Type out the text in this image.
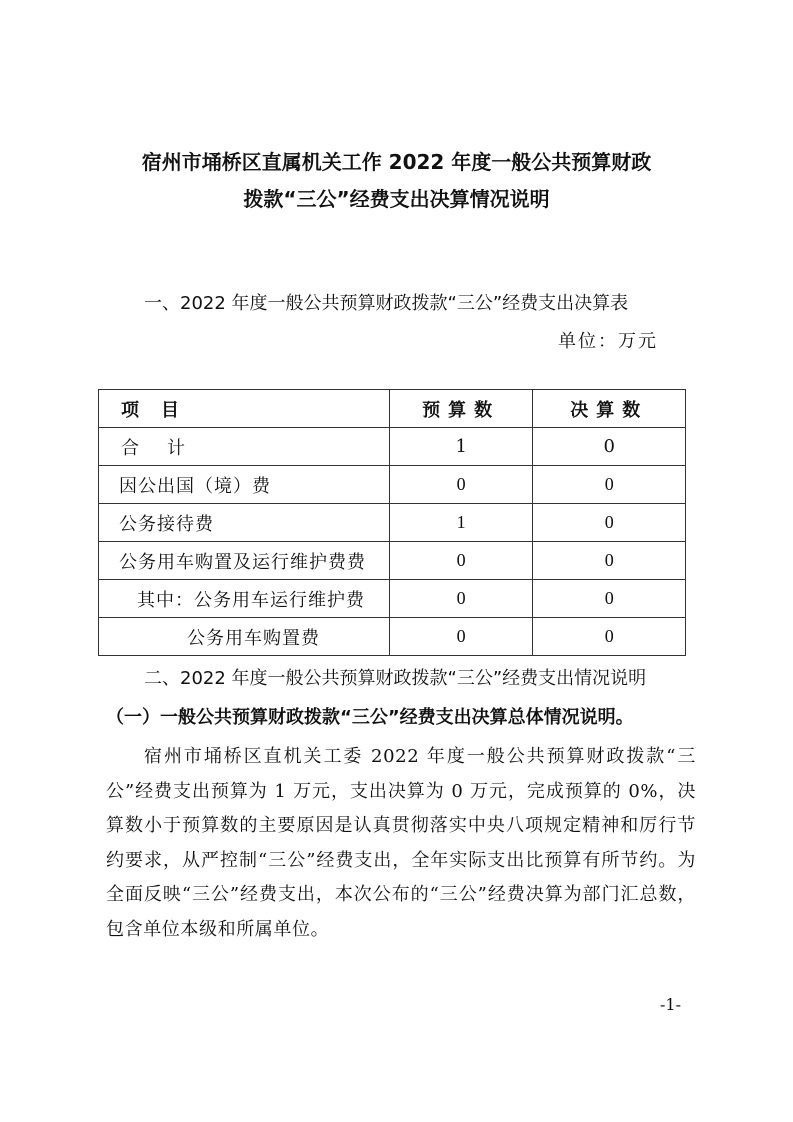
宿州市埇桥区直属机关工作 2022 年度一般公共预算财政
拨款“三公”经费支出决算情况说明
一、2022 年度一般公共预算财政拨款“三公”经费支出决算表
单位：万元
项目	预算数	决算数
合计	1	0
因公出国（境）费	0	0
公务接待费	1	0
公务用车购置及运行维护费费	0	0
其中：公务用车运行维护费	0	0
公务用车购置费	0	0
二、2022 年度一般公共预算财政拨款“三公”经费支出情况说明
（一）一般公共预算财政拨款“三公”经费支出决算总体情况说明。

宿州市埇桥区直机关工委 2022 年度一般公共预算财政拨款“三公”经费支出预算为 1 万元，支出决算为 0 万元，完成预算的 0%，决算数小于预算数的主要原因是认真贯彻落实中央八项规定精神和厉行节约要求，从严控制“三公”经费支出，全年实际支出比预算有所节约。为全面反映“三公”经费支出，本次公布的“三公”经费决算为部门汇总数，包含单位本级和所属单位。

-1-
